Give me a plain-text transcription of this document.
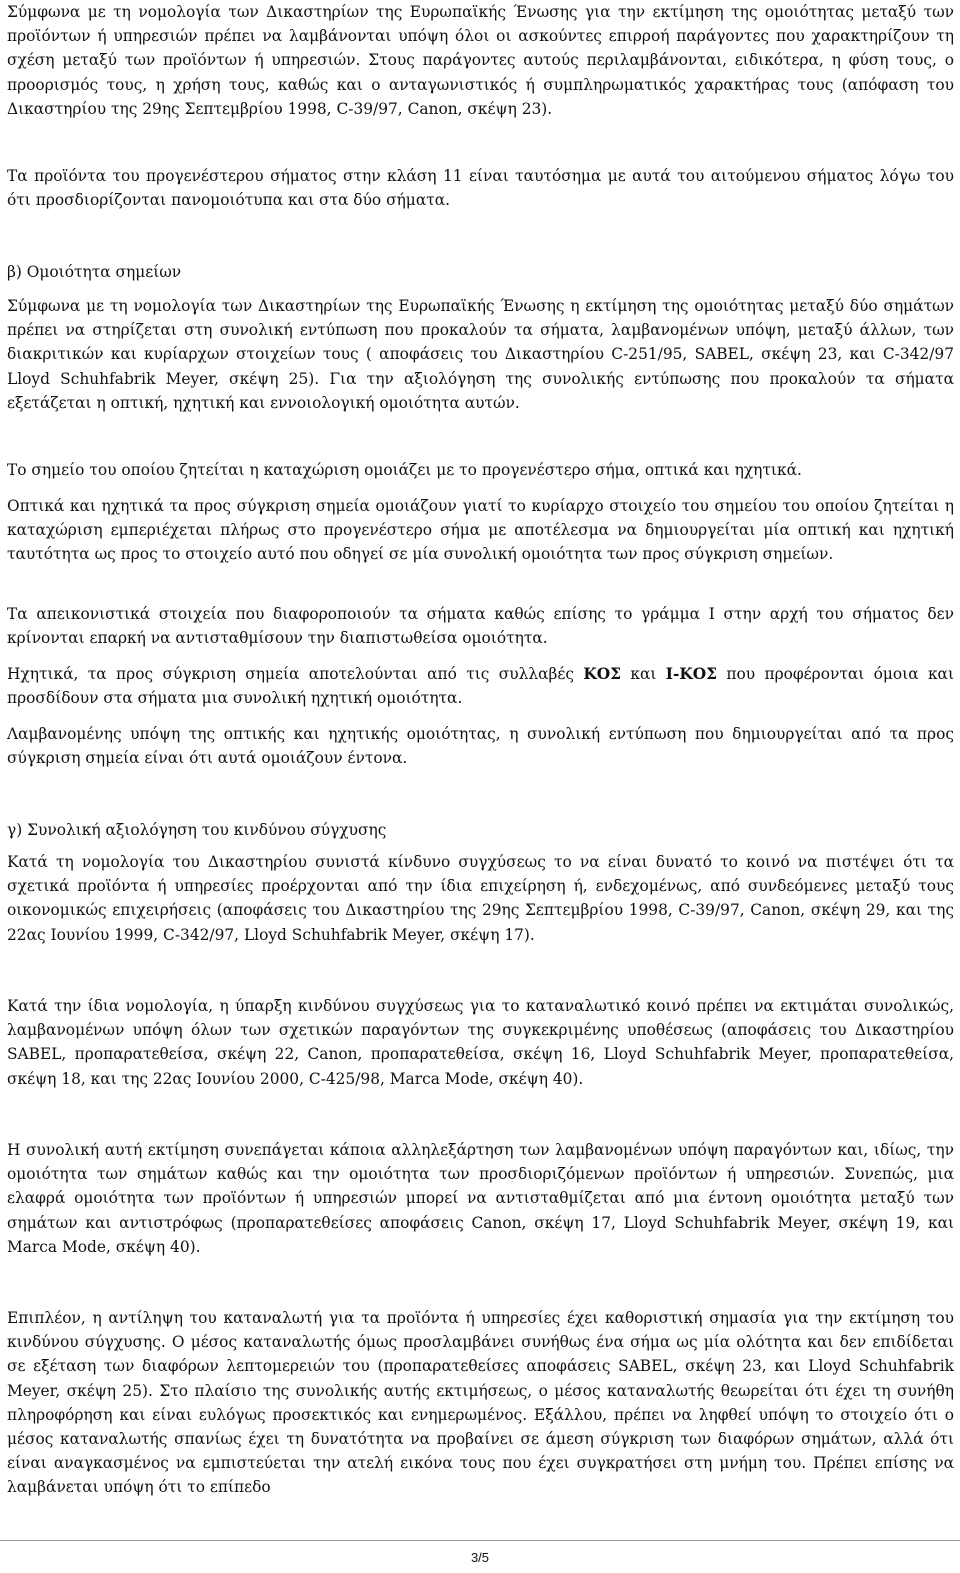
Σύμφωνα με τη νομολογία των Δικαστηρίων της Ευρωπαϊκής Ένωσης για την εκτίμηση της ομοιότητας μεταξύ των προϊόντων ή υπηρεσιών πρέπει να λαμβάνονται υπόψη όλοι οι ασκούντες επιρροή παράγοντες που χαρακτηρίζουν τη σχέση μεταξύ των προϊόντων ή υπηρεσιών. Στους παράγοντες αυτούς περιλαμβάνονται, ειδικότερα, η φύση τους, ο προορισμός τους, η χρήση τους, καθώς και ο ανταγωνιστικός ή συμπληρωματικός χαρακτήρας τους (απόφαση του Δικαστηρίου της 29ης Σεπτεμβρίου 1998, C-39/97, Canon, σκέψη 23).

Τα προϊόντα του προγενέστερου σήματος στην κλάση 11 είναι ταυτόσημα με αυτά του αιτούμενου σήματος λόγω του ότι προσδιορίζονται πανομοιότυπα και στα δύο σήματα.

β) Ομοιότητα σημείων

Σύμφωνα με τη νομολογία των Δικαστηρίων της Ευρωπαϊκής Ένωσης η εκτίμηση της ομοιότητας μεταξύ δύο σημάτων πρέπει να στηρίζεται στη συνολική εντύπωση που προκαλούν τα σήματα, λαμβανομένων υπόψη, μεταξύ άλλων, των διακριτικών και κυρίαρχων στοιχείων τους ( αποφάσεις του Δικαστηρίου C-251/95, SABEL, σκέψη 23, και C-342/97 Lloyd Schuhfabrik Meyer, σκέψη 25). Για την αξιολόγηση της συνολικής εντύπωσης που προκαλούν τα σήματα εξετάζεται η οπτική, ηχητική και εννοιολογική ομοιότητα αυτών.

Το σημείο του οποίου ζητείται η καταχώριση ομοιάζει με το προγενέστερο σήμα, οπτικά και ηχητικά.

Οπτικά και ηχητικά τα προς σύγκριση σημεία ομοιάζουν γιατί το κυρίαρχο στοιχείο του σημείου του οποίου ζητείται η καταχώριση εμπεριέχεται πλήρως στο προγενέστερο σήμα με αποτέλεσμα να δημιουργείται μία οπτική και ηχητική ταυτότητα ως προς το στοιχείο αυτό που οδηγεί σε μία συνολική ομοιότητα των προς σύγκριση σημείων.

Τα απεικονιστικά στοιχεία που διαφοροποιούν τα σήματα καθώς επίσης το γράμμα Ι στην αρχή του σήματος δεν κρίνονται επαρκή να αντισταθμίσουν την διαπιστωθείσα ομοιότητα.

Ηχητικά, τα προς σύγκριση σημεία αποτελούνται από τις συλλαβές ΚΟΣ και Ι-ΚΟΣ που προφέρονται όμοια και προσδίδουν στα σήματα μια συνολική ηχητική ομοιότητα.

Λαμβανομένης υπόψη της οπτικής και ηχητικής ομοιότητας, η συνολική εντύπωση που δημιουργείται από τα προς σύγκριση σημεία είναι ότι αυτά ομοιάζουν έντονα.

γ) Συνολική αξιολόγηση του κινδύνου σύγχυσης

Κατά τη νομολογία του Δικαστηρίου συνιστά κίνδυνο συγχύσεως το να είναι δυνατό το κοινό να πιστέψει ότι τα σχετικά προϊόντα ή υπηρεσίες προέρχονται από την ίδια επιχείρηση ή, ενδεχομένως, από συνδεόμενες μεταξύ τους οικονομικώς επιχειρήσεις (αποφάσεις του Δικαστηρίου της 29ης Σεπτεμβρίου 1998, C-39/97, Canon, σκέψη 29, και της 22ας Ιουνίου 1999, C-342/97, Lloyd Schuhfabrik Meyer, σκέψη 17).

Κατά την ίδια νομολογία, η ύπαρξη κινδύνου συγχύσεως για το καταναλωτικό κοινό πρέπει να εκτιμάται συνολικώς, λαμβανομένων υπόψη όλων των σχετικών παραγόντων της συγκεκριμένης υποθέσεως (αποφάσεις του Δικαστηρίου SABEL, προπαρατεθείσα, σκέψη 22, Canon, προπαρατεθείσα, σκέψη 16, Lloyd Schuhfabrik Meyer, προπαρατεθείσα, σκέψη 18, και της 22ας Ιουνίου 2000, C-425/98, Marca Mode, σκέψη 40).

Η συνολική αυτή εκτίμηση συνεπάγεται κάποια αλληλεξάρτηση των λαμβανομένων υπόψη παραγόντων και, ιδίως, την ομοιότητα των σημάτων καθώς και την ομοιότητα των προσδιοριζόμενων προϊόντων ή υπηρεσιών. Συνεπώς, μια ελαφρά ομοιότητα των προϊόντων ή υπηρεσιών μπορεί να αντισταθμίζεται από μια έντονη ομοιότητα μεταξύ των σημάτων και αντιστρόφως (προπαρατεθείσες αποφάσεις Canon, σκέψη 17, Lloyd Schuhfabrik Meyer, σκέψη 19, και Marca Mode, σκέψη 40).

Επιπλέον, η αντίληψη του καταναλωτή για τα προϊόντα ή υπηρεσίες έχει καθοριστική σημασία για την εκτίμηση του κινδύνου σύγχυσης. Ο μέσος καταναλωτής όμως προσλαμβάνει συνήθως ένα σήμα ως μία ολότητα και δεν επιδίδεται σε εξέταση των διαφόρων λεπτομερειών του (προπαρατεθείσες αποφάσεις SABEL, σκέψη 23, και Lloyd Schuhfabrik Meyer, σκέψη 25). Στο πλαίσιο της συνολικής αυτής εκτιμήσεως, ο μέσος καταναλωτής θεωρείται ότι έχει τη συνήθη πληροφόρηση και είναι ευλόγως προσεκτικός και ενημερωμένος. Εξάλλου, πρέπει να ληφθεί υπόψη το στοιχείο ότι ο μέσος καταναλωτής σπανίως έχει τη δυνατότητα να προβαίνει σε άμεση σύγκριση των διαφόρων σημάτων, αλλά ότι είναι αναγκασμένος να εμπιστεύεται την ατελή εικόνα τους που έχει συγκρατήσει στη μνήμη του. Πρέπει επίσης να λαμβάνεται υπόψη ότι το επίπεδο

3/5
